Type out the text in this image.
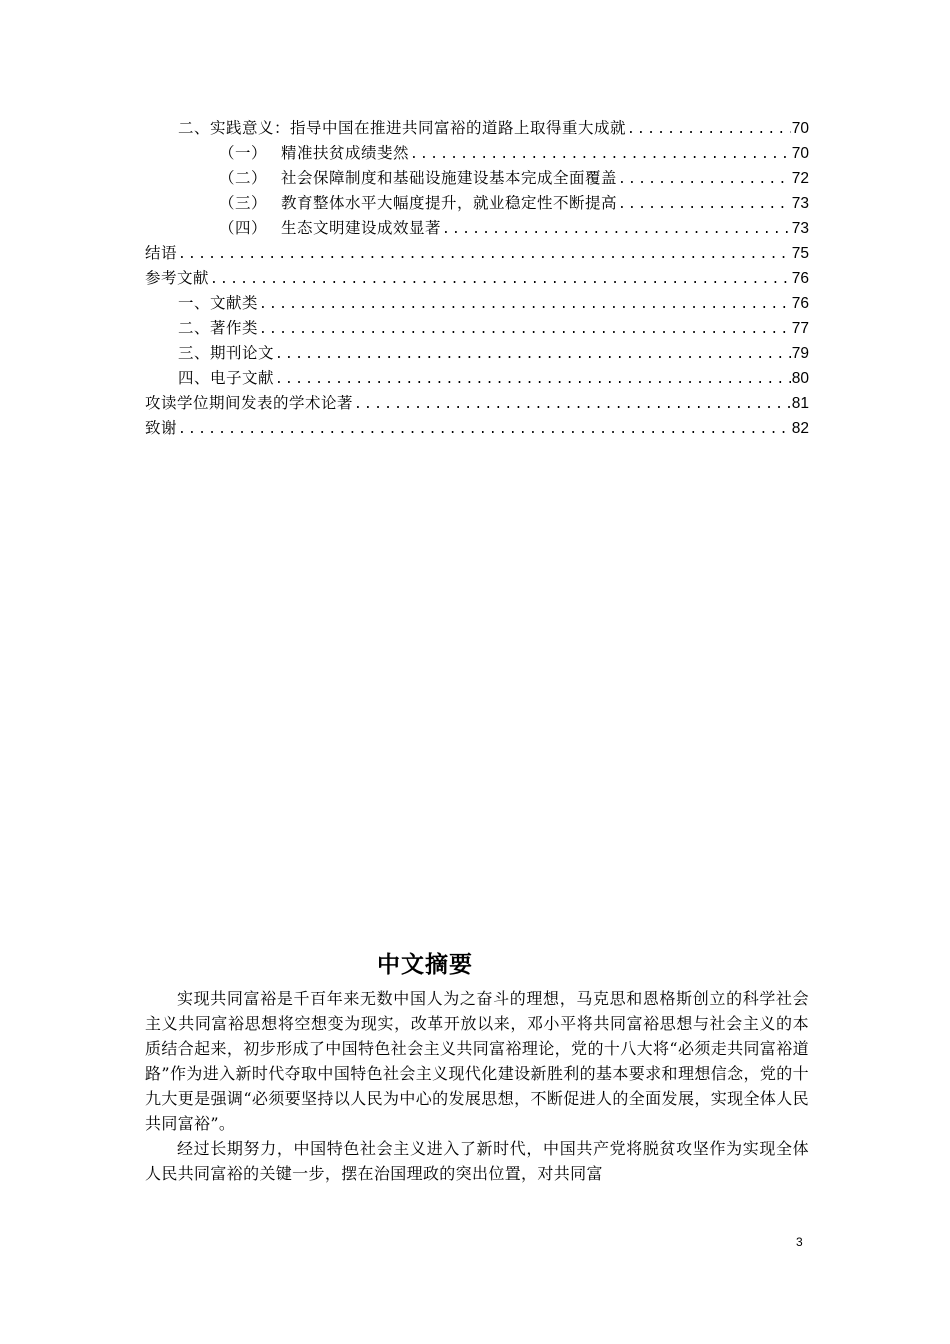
二、实践意义：指导中国在推进共同富裕的道路上取得重大成就 .....	70
（一） 精准扶贫成绩斐然 .....	70
（二） 社会保障制度和基础设施建设基本完成全面覆盖 .....	72
（三） 教育整体水平大幅度提升，就业稳定性不断提高 .....	73
（四） 生态文明建设成效显著 .....	73
结语 .....	75
参考文献 .....	76
一、文献类 .....	76
二、著作类 .....	77
三、期刊论文 .....	79
四、电子文献 .....	80
攻读学位期间发表的学术论著 .....	81
致谢 .....	82
中文摘要

实现共同富裕是千百年来无数中国人为之奋斗的理想，马克思和恩格斯创立的科学社会主义共同富裕思想将空想变为现实，改革开放以来，邓小平将共同富裕思想与社会主义的本质结合起来，初步形成了中国特色社会主义共同富裕理论，党的十八大将“必须走共同富裕道路”作为进入新时代夺取中国特色社会主义现代化建设新胜利的基本要求和理想信念，党的十九大更是强调“必须要坚持以人民为中心的发展思想，不断促进人的全面发展，实现全体人民共同富裕”。

经过长期努力，中国特色社会主义进入了新时代，中国共产党将脱贫攻坚作为实现全体人民共同富裕的关键一步，摆在治国理政的突出位置，对共同富

3
